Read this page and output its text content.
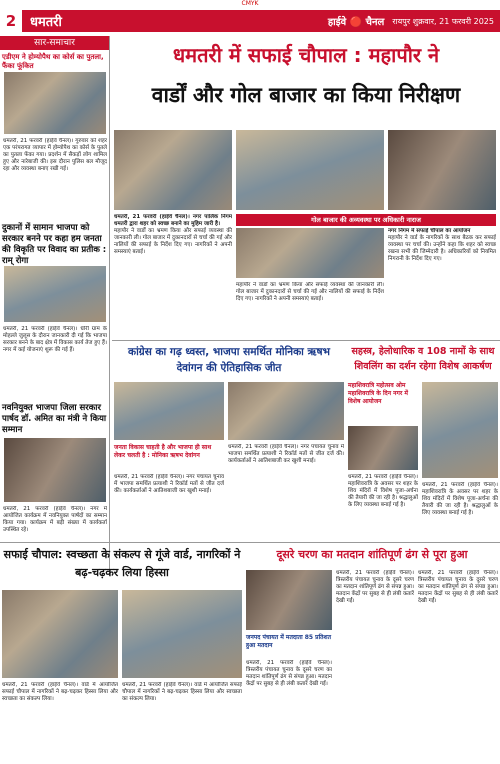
CMYK
2	धमतरी	हाईवे 🔴 चैनल रायपुर शुक्रवार, 21 फरवरी 2025
धमतरी में सफाई चौपाल : महापौर ने
वार्डों और गोल बाजार का किया निरीक्षण
सार-समाचार
एडीएम ने होम्योपैथ का कोर्स का पुतला, फैंका फूंकित
धमतरी, 21 फरवरी (हाईवे चैनल)। गुरुवार को शहर एक परंपरागत व्यापार में होम्योपैथ का कोर्स के पुतले का पुतला फेंका गया। प्रदर्शन में सैकड़ों लोग शामिल हुए और नारेबाजी की। इस दौरान पुलिस बल मौजूद रहा और व्यवस्था बनाए रखी गई।
दुकानों में सामान भाजपा को सरकार बनने पर कहा हम जनता की विकृति पर विवाद का प्रतीक : राम् रोगा
धमतरी, 21 फरवरी (हाईवे चैनल)। धीरी ग्राम के मोहल्ले जुलूस के दौरान जानकारी दी गई कि भाजपा सरकार बनने के बाद क्षेत्र में विकास कार्य तेज हुए हैं। नगर में कई योजनाएं शुरू की गई हैं।
नवनियुक्त भाजपा जिला सरकार पार्षद डॉ. अमित का मंत्री ने किया सम्मान
धमतरी, 21 फरवरी (हाईवे चैनल)। नगर में आयोजित कार्यक्रम में नवनियुक्त पार्षदों का सम्मान किया गया। कार्यक्रम में बड़ी संख्या में कार्यकर्ता उपस्थित रहे।
धमतरी, 21 फरवरी (हाईवे चैनल)। नगर पालिक निगम धमतरी द्वारा शहर को स्वच्छ बनाने का मुहिम जारी है।
महापौर ने वार्डों का भ्रमण किया और सफाई व्यवस्था की जानकारी ली। गोल बाजार में दुकानदारों से चर्चा की गई और नालियों की सफाई के निर्देश दिए गए। नागरिकों ने अपनी समस्याएं बताई।
गोल बाजार की अव्यवस्था पर अधिकारी नाराज
महापौर ने वार्डों का भ्रमण किया और सफाई व्यवस्था की जानकारी ली। गोल बाजार में दुकानदारों से चर्चा की गई और नालियों की सफाई के निर्देश दिए गए। नागरिकों ने अपनी समस्याएं बताई।
नगर निगम में सफाई चौपाल का आयोजन
महापौर ने वार्ड के नागरिकों के साथ बैठक कर सफाई व्यवस्था पर चर्चा की। उन्होंने कहा कि शहर को स्वच्छ रखना सभी की जिम्मेदारी है। अधिकारियों को नियमित निगरानी के निर्देश दिए गए।
कांग्रेस का गढ़ ध्वस्त, भाजपा समर्थित मोनिका ऋषभ देवांगन की ऐतिहासिक जीत
जनता विकास चाहती है और भाजपा ही साथ लेकर चलती है : मोनिका ऋषभ देवांगन
धमतरी, 21 फरवरी (हाईवे चैनल)। नगर पंचायत चुनाव में भाजपा समर्थित प्रत्याशी ने रिकॉर्ड मतों से जीत दर्ज की। कार्यकर्ताओं ने आतिशबाजी कर खुशी मनाई।
धमतरी, 21 फरवरी (हाईवे चैनल)। नगर पंचायत चुनाव में भाजपा समर्थित प्रत्याशी ने रिकॉर्ड मतों से जीत दर्ज की। कार्यकर्ताओं ने आतिशबाजी कर खुशी मनाई।
सहस्त्र, हेलोधारिक व 108 नामों के साथ शिवलिंग का दर्शन रहेगा विशेष आकर्षण
महाशिवरात्रि महोत्सव ओम महाशिवरात्रि के दिन नगर में विशेष आयोजन
धमतरी, 21 फरवरी (हाईवे चैनल)। महाशिवरात्रि के अवसर पर शहर के शिव मंदिरों में विशेष पूजा-अर्चना की तैयारी की जा रही है। श्रद्धालुओं के लिए व्यवस्था बनाई गई है।
धमतरी, 21 फरवरी (हाईवे चैनल)। महाशिवरात्रि के अवसर पर शहर के शिव मंदिरों में विशेष पूजा-अर्चना की तैयारी की जा रही है। श्रद्धालुओं के लिए व्यवस्था बनाई गई है।
सफाई चौपाल: स्वच्छता के संकल्प से गूंजे वार्ड, नागरिकों ने बढ़-चढ़कर लिया हिस्सा
धमतरी, 21 फरवरी (हाईवे चैनल)। वार्ड में आयोजित सफाई चौपाल में नागरिकों ने बढ़-चढ़कर हिस्सा लिया और स्वच्छता का संकल्प लिया।
धमतरी, 21 फरवरी (हाईवे चैनल)। वार्ड में आयोजित सफाई चौपाल में नागरिकों ने बढ़-चढ़कर हिस्सा लिया और स्वच्छता का संकल्प लिया।
दूसरे चरण का मतदान शांतिपूर्ण ढंग से पूरा हुआ
जनपद पंचायत में मतदाता 85 प्रतिशत हुआ मतदान
धमतरी, 21 फरवरी (हाईवे चैनल)। त्रिस्तरीय पंचायत चुनाव के दूसरे चरण का मतदान शांतिपूर्ण ढंग से संपन्न हुआ। मतदान केंद्रों पर सुबह से ही लंबी कतारें देखी गईं।
धमतरी, 21 फरवरी (हाईवे चैनल)। त्रिस्तरीय पंचायत चुनाव के दूसरे चरण का मतदान शांतिपूर्ण ढंग से संपन्न हुआ। मतदान केंद्रों पर सुबह से ही लंबी कतारें देखी गईं।
धमतरी, 21 फरवरी (हाईवे चैनल)। त्रिस्तरीय पंचायत चुनाव के दूसरे चरण का मतदान शांतिपूर्ण ढंग से संपन्न हुआ। मतदान केंद्रों पर सुबह से ही लंबी कतारें देखी गईं।
